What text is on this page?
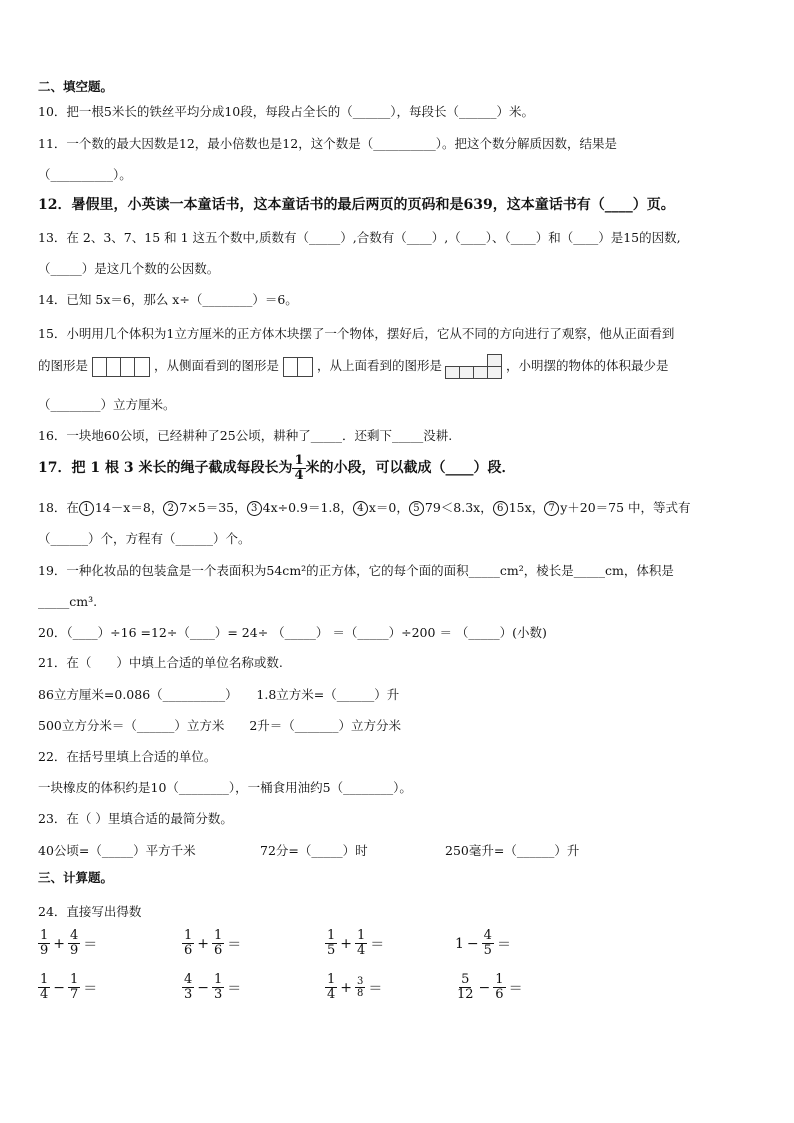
二、填空题。
10．把一根5米长的铁丝平均分成10段，每段占全长的（______），每段长（______）米。
11．一个数的最大因数是12，最小倍数也是12，这个数是（__________）。把这个数分解质因数，结果是
（__________）。
12．暑假里，小英读一本童话书，这本童话书的最后两页的页码和是639，这本童话书有（____）页。
13．在 2、3、7、15 和 1 这五个数中,质数有（_____）,合数有（____）,（____）、（____）和（____）是15的因数,
（_____）是这几个数的公因数。
14．已知 5x＝6，那么 x÷（________）＝6。
15．小明用几个体积为1立方厘米的正方体木块摆了一个物体，摆好后，它从不同的方向进行了观察，他从正面看到
的图形是	，从侧面看到的图形是	，从上面看到的图形是	，小明摆的物体的体积最少是
（________）立方厘米。
16．一块地60公顷，已经耕种了25公顷，耕种了_____．还剩下_____没耕.
17．把 1 根 3 米长的绳子截成每段长为 $\frac{1}{4}$ 米的小段，可以截成（____）段．
18．在 1 14－x＝8， 2 7×5＝35， 3 4x÷0.9＝1.8， 4 x＝0， 5 79＜8.3x， 6 15x， 7 y＋20＝75 中，等式有
（______）个，方程有（______）个。
19．一种化妆品的包装盒是一个表面积为54cm²的正方体，它的每个面的面积_____cm²，棱长是_____cm，体积是
_____cm³.
20．（____）÷16 =12÷（____）= 24÷ （_____） ＝（_____）÷200 ＝ （_____）(小数)
21．在（　　）中填上合适的单位名称或数.
86立方厘米=0.086（__________）　　1.8立方米=（______）升
500立方分米＝（______）立方米　　2升＝（_______）立方分米
22．在括号里填上合适的单位。
一块橡皮的体积约是10（________），一桶食用油约5（________）。
23．在（ ）里填合适的最简分数。
40公顷=（_____）平方千米	72分=（_____）时	250毫升=（______）升
三、计算题。
24．直接写出得数
$\frac{1}{9} + \frac{4}{9}$ ＝	$\frac{1}{6} + \frac{1}{6}$ ＝	$\frac{1}{5} + \frac{1}{4}$ ＝	$1 - \frac{4}{5}$ ＝
$\frac{1}{4} - \frac{1}{7}$ ＝	$\frac{4}{3} - \frac{1}{3}$ ＝	$\frac{1}{4} + \frac{3}{8}$ ＝	$\frac{5}{12} - \frac{1}{6}$ ＝
